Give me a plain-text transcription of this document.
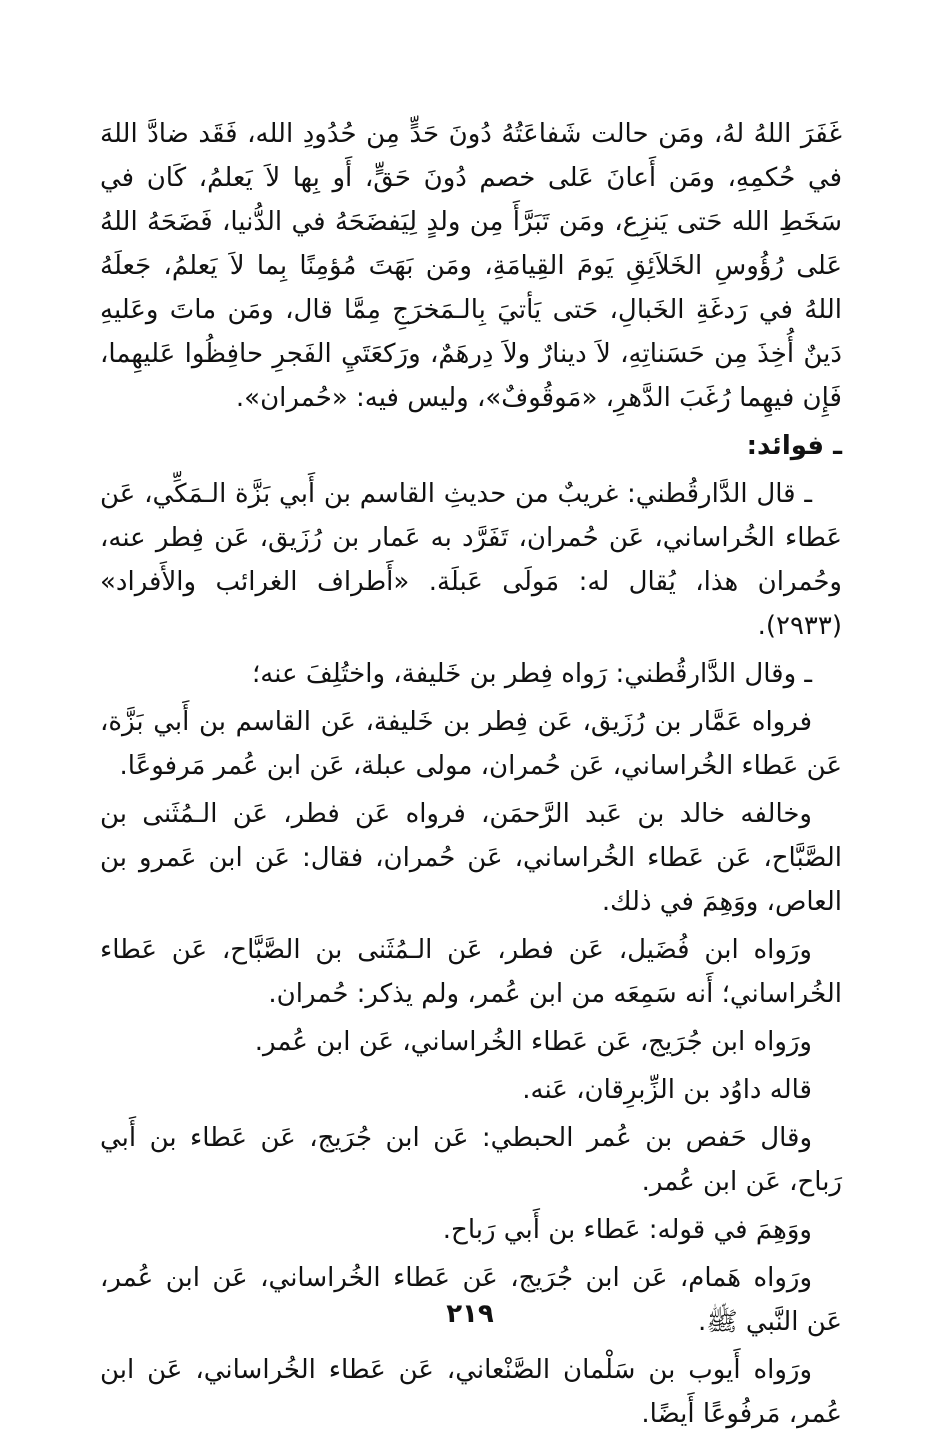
غَفَرَ اللهُ لهُ، ومَن حالت شَفاعَتُهُ دُونَ حَدٍّ مِن حُدُودِ الله، فَقَد ضادَّ اللهَ في حُكمِهِ، ومَن أَعانَ عَلى خصم دُونَ حَقٍّ، أَو بِها لاَ يَعلمُ، كَان في سَخَطِ الله حَتى يَنزِع، ومَن تَبَرَّأَ مِن ولدٍ لِيَفضَحَهُ في الدُّنيا، فَضَحَهُ اللهُ عَلى رُؤُوسِ الخَلاَئِقِ يَومَ القِيامَةِ، ومَن بَهَتَ مُؤمِنًا بِما لاَ يَعلمُ، جَعلَهُ اللهُ في رَدغَةِ الخَبالِ، حَتى يَأتيَ بِالـمَخرَجِ مِمَّا قال، ومَن ماتَ وعَليهِ دَينٌ أُخِذَ مِن حَسَناتِهِ، لاَ دينارٌ ولاَ دِرهَمٌ، ورَكعَتَيِ الفَجرِ حافِظُوا عَليهِما، فَإِن فيهِما رُغَبَ الدَّهرِ، «مَوقُوفٌ»، وليس فيه: «حُمران».

ـ فوائد:

ـ قال الدَّارقُطني: غريبٌ من حديثِ القاسم بن أَبي بَزَّة الـمَكِّي، عَن عَطاء الخُراساني، عَن حُمران، تَفَرَّد به عَمار بن رُزَيق، عَن فِطر عنه، وحُمران هذا، يُقال له: مَولَى عَبلَة. «أَطراف الغرائب والأَفراد» (٢٩٣٣).

ـ وقال الدَّارقُطني: رَواه فِطر بن خَليفة، واختُلِفَ عنه؛

فرواه عَمَّار بن رُزَيق، عَن فِطر بن خَليفة، عَن القاسم بن أَبي بَزَّة، عَن عَطاء الخُراساني، عَن حُمران، مولى عبلة، عَن ابن عُمر مَرفوعًا.

وخالفه خالد بن عَبد الرَّحمَن، فرواه عَن فطر، عَن الـمُثَنى بن الصَّبَّاح، عَن عَطاء الخُراساني، عَن حُمران، فقال: عَن ابن عَمرو بن العاص، ووَهِمَ في ذلك.

ورَواه ابن فُضَيل، عَن فطر، عَن الـمُثَنى بن الصَّبَّاح، عَن عَطاء الخُراساني؛ أَنه سَمِعَه من ابن عُمر، ولم يذكر: حُمران.

ورَواه ابن جُرَيج، عَن عَطاء الخُراساني، عَن ابن عُمر.

قاله داوُد بن الزِّبرِقان، عَنه.

وقال حَفص بن عُمر الحبطي: عَن ابن جُرَيج، عَن عَطاء بن أَبي رَباح، عَن ابن عُمر.

ووَهِمَ في قوله: عَطاء بن أَبي رَباح.

ورَواه هَمام، عَن ابن جُرَيج، عَن عَطاء الخُراساني، عَن ابن عُمر، عَن النَّبي ﷺ.

ورَواه أَيوب بن سَلْمان الصَّنْعاني، عَن عَطاء الخُراساني، عَن ابن عُمر، مَرفُوعًا أَيضًا.

٢١٩
